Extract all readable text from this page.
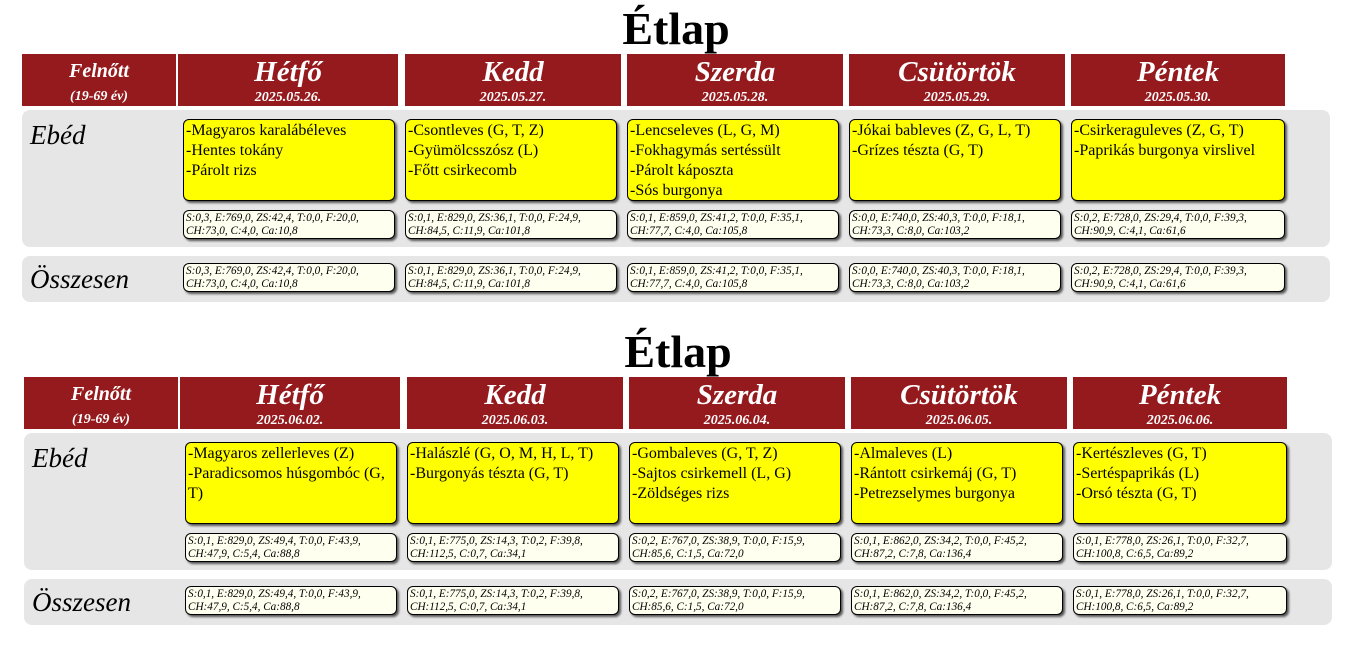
Étlap
Felnőtt
(19-69 év)
Hétfő
2025.05.26.
Kedd
2025.05.27.
Szerda
2025.05.28.
Csütörtök
2025.05.29.
Péntek
2025.05.30.
Ebéd
Összesen
-Magyaros karalábéleves
-Hentes tokány
-Párolt rizs
S:0,3, E:769,0, ZS:42,4, T:0,0, F:20,0,
CH:73,0, C:4,0, Ca:10,8
S:0,3, E:769,0, ZS:42,4, T:0,0, F:20,0,
CH:73,0, C:4,0, Ca:10,8
-Csontleves (G, T, Z)
-Gyümölcsszósz (L)
-Főtt csirkecomb
S:0,1, E:829,0, ZS:36,1, T:0,0, F:24,9,
CH:84,5, C:11,9, Ca:101,8
S:0,1, E:829,0, ZS:36,1, T:0,0, F:24,9,
CH:84,5, C:11,9, Ca:101,8
-Lencseleves (L, G, M)
-Fokhagymás sertéssült
-Párolt káposzta
-Sós burgonya
S:0,1, E:859,0, ZS:41,2, T:0,0, F:35,1,
CH:77,7, C:4,0, Ca:105,8
S:0,1, E:859,0, ZS:41,2, T:0,0, F:35,1,
CH:77,7, C:4,0, Ca:105,8
-Jókai bableves (Z, G, L, T)
-Grízes tészta (G, T)
S:0,0, E:740,0, ZS:40,3, T:0,0, F:18,1,
CH:73,3, C:8,0, Ca:103,2
S:0,0, E:740,0, ZS:40,3, T:0,0, F:18,1,
CH:73,3, C:8,0, Ca:103,2
-Csirkeraguleves (Z, G, T)
-Paprikás burgonya virslivel
S:0,2, E:728,0, ZS:29,4, T:0,0, F:39,3,
CH:90,9, C:4,1, Ca:61,6
S:0,2, E:728,0, ZS:29,4, T:0,0, F:39,3,
CH:90,9, C:4,1, Ca:61,6
Étlap
Felnőtt
(19-69 év)
Hétfő
2025.06.02.
Kedd
2025.06.03.
Szerda
2025.06.04.
Csütörtök
2025.06.05.
Péntek
2025.06.06.
Ebéd
Összesen
-Magyaros zellerleves (Z)
-Paradicsomos húsgombóc (G, T)
S:0,1, E:829,0, ZS:49,4, T:0,0, F:43,9,
CH:47,9, C:5,4, Ca:88,8
S:0,1, E:829,0, ZS:49,4, T:0,0, F:43,9,
CH:47,9, C:5,4, Ca:88,8
-Halászlé (G, O, M, H, L, T)
-Burgonyás tészta (G, T)
S:0,1, E:775,0, ZS:14,3, T:0,2, F:39,8,
CH:112,5, C:0,7, Ca:34,1
S:0,1, E:775,0, ZS:14,3, T:0,2, F:39,8,
CH:112,5, C:0,7, Ca:34,1
-Gombaleves (G, T, Z)
-Sajtos csirkemell (L, G)
-Zöldséges rizs
S:0,2, E:767,0, ZS:38,9, T:0,0, F:15,9,
CH:85,6, C:1,5, Ca:72,0
S:0,2, E:767,0, ZS:38,9, T:0,0, F:15,9,
CH:85,6, C:1,5, Ca:72,0
-Almaleves (L)
-Rántott csirkemáj (G, T)
-Petrezselymes burgonya
S:0,1, E:862,0, ZS:34,2, T:0,0, F:45,2,
CH:87,2, C:7,8, Ca:136,4
S:0,1, E:862,0, ZS:34,2, T:0,0, F:45,2,
CH:87,2, C:7,8, Ca:136,4
-Kertészleves (G, T)
-Sertéspaprikás (L)
-Orsó tészta (G, T)
S:0,1, E:778,0, ZS:26,1, T:0,0, F:32,7,
CH:100,8, C:6,5, Ca:89,2
S:0,1, E:778,0, ZS:26,1, T:0,0, F:32,7,
CH:100,8, C:6,5, Ca:89,2
